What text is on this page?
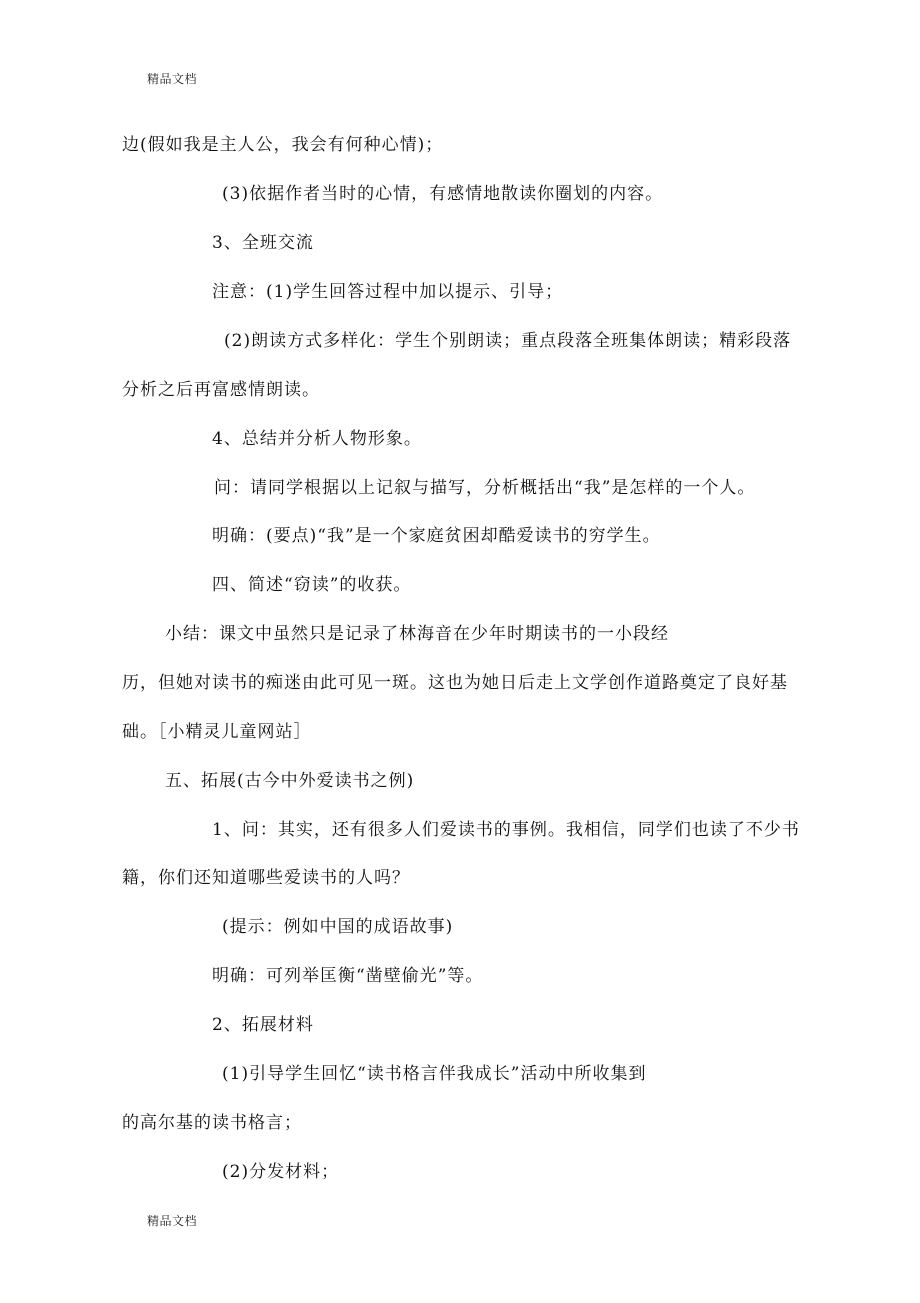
精品文档
边(假如我是主人公，我会有何种心情)；
(3)依据作者当时的心情，有感情地散读你圈划的内容。
3、全班交流
注意：(1)学生回答过程中加以提示、引导；
(2)朗读方式多样化：学生个别朗读；重点段落全班集体朗读；精彩段落
分析之后再富感情朗读。
4、总结并分析人物形象。
问：请同学根据以上记叙与描写，分析概括出“我”是怎样的一个人。
明确：(要点)“我”是一个家庭贫困却酷爱读书的穷学生。
四、简述“窃读”的收获。
小结：课文中虽然只是记录了林海音在少年时期读书的一小段经
历，但她对读书的痴迷由此可见一斑。这也为她日后走上文学创作道路奠定了良好基
础。［小精灵儿童网站］
五、拓展(古今中外爱读书之例)
1、问：其实，还有很多人们爱读书的事例。我相信，同学们也读了不少书
籍，你们还知道哪些爱读书的人吗？
(提示：例如中国的成语故事)
明确：可列举匡衡“凿壁偷光”等。
2、拓展材料
(1)引导学生回忆“读书格言伴我成长”活动中所收集到
的高尔基的读书格言；
(2)分发材料；
精品文档
